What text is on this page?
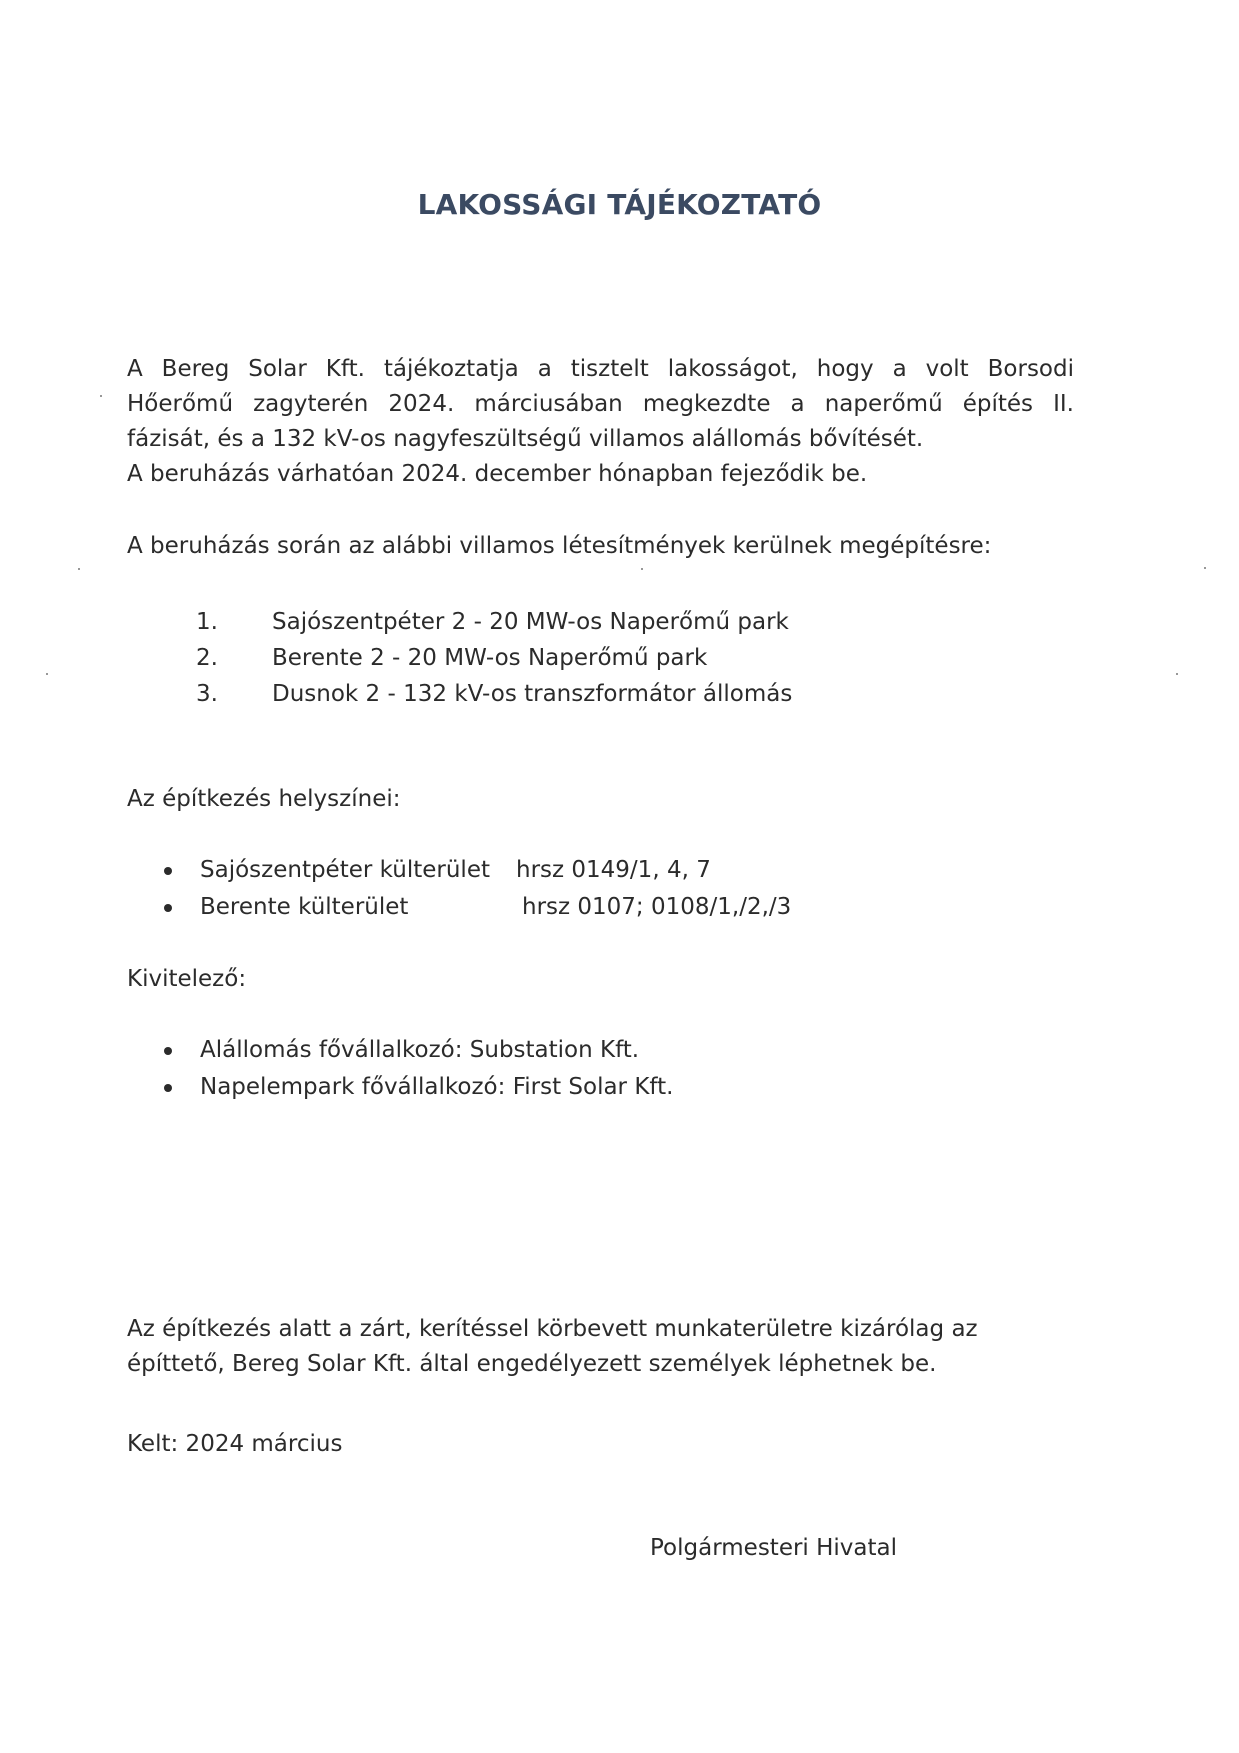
LAKOSSÁGI TÁJÉKOZTATÓ
A Bereg Solar Kft. tájékoztatja a tisztelt lakosságot, hogy a volt Borsodi
Hőerőmű zagyterén 2024. márciusában megkezdte a naperőmű építés II.
fázisát, és a 132 kV-os nagyfeszültségű villamos alállomás bővítését.
A beruházás várhatóan 2024. december hónapban fejeződik be.
A beruházás során az alábbi villamos létesítmények kerülnek megépítésre:
1. Sajószentpéter 2 - 20 MW-os Naperőmű park
2. Berente 2 - 20 MW-os Naperőmű park
3. Dusnok 2 - 132 kV-os transzformátor állomás
Az építkezés helyszínei:
Sajószentpéter külterület hrsz 0149/1, 4, 7
Berente külterület	hrsz 0107; 0108/1,/2,/3
Kivitelező:
Alállomás fővállalkozó: Substation Kft.
Napelempark fővállalkozó: First Solar Kft.
Az építkezés alatt a zárt, kerítéssel körbevett munkaterületre kizárólag az
építtető, Bereg Solar Kft. által engedélyezett személyek léphetnek be.
Kelt: 2024 március
Polgármesteri Hivatal
